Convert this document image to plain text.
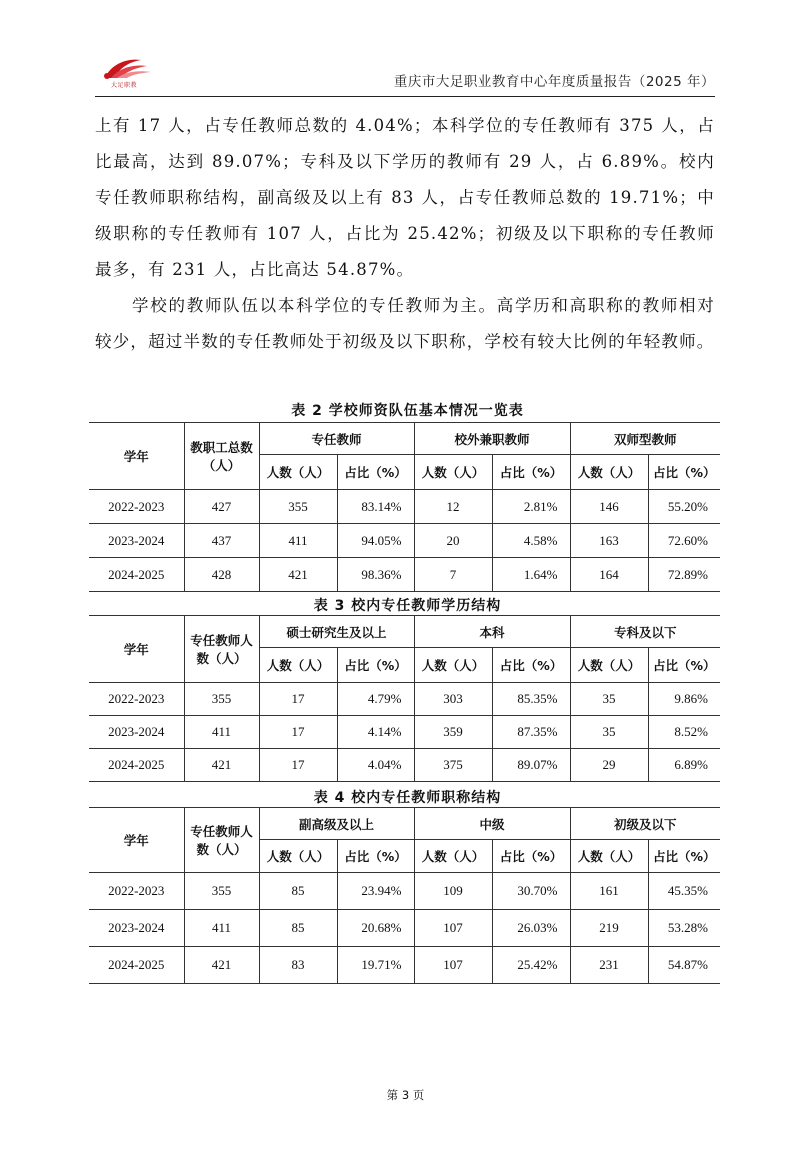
大足职教	重庆市大足职业教育中心年度质量报告（2025 年）

上有 17 人，占专任教师总数的 4.04%；本科学位的专任教师有 375 人，占比最高，达到 89.07%；专科及以下学历的教师有 29 人，占 6.89%。校内专任教师职称结构，副高级及以上有 83 人，占专任教师总数的 19.71%；中级职称的专任教师有 107 人，占比为 25.42%；初级及以下职称的专任教师最多，有 231 人，占比高达 54.87%。

学校的教师队伍以本科学位的专任教师为主。高学历和高职称的教师相对较少，超过半数的专任教师处于初级及以下职称，学校有较大比例的年轻教师。

表 2 学校师资队伍基本情况一览表
学年	教职工总数（人）	专任教师		校外兼职教师		双师型教师	
		人数（人）	占比（%）	人数（人）	占比（%）	人数（人）	占比（%）
2022-2023	427	355	83.14%	12	2.81%	146	55.20%
2023-2024	437	411	94.05%	20	4.58%	163	72.60%
2024-2025	428	421	98.36%	7	1.64%	164	72.89%
表 3 校内专任教师学历结构
学年	专任教师人数（人）	硕士研究生及以上		本科		专科及以下	
		人数（人）	占比（%）	人数（人）	占比（%）	人数（人）	占比（%）
2022-2023	355	17	4.79%	303	85.35%	35	9.86%
2023-2024	411	17	4.14%	359	87.35%	35	8.52%
2024-2025	421	17	4.04%	375	89.07%	29	6.89%
表 4 校内专任教师职称结构
学年	专任教师人数（人）	副高级及以上		中级		初级及以下	
		人数（人）	占比（%）	人数（人）	占比（%）	人数（人）	占比（%）
2022-2023	355	85	23.94%	109	30.70%	161	45.35%
2023-2024	411	85	20.68%	107	26.03%	219	53.28%
2024-2025	421	83	19.71%	107	25.42%	231	54.87%
第 3 页
